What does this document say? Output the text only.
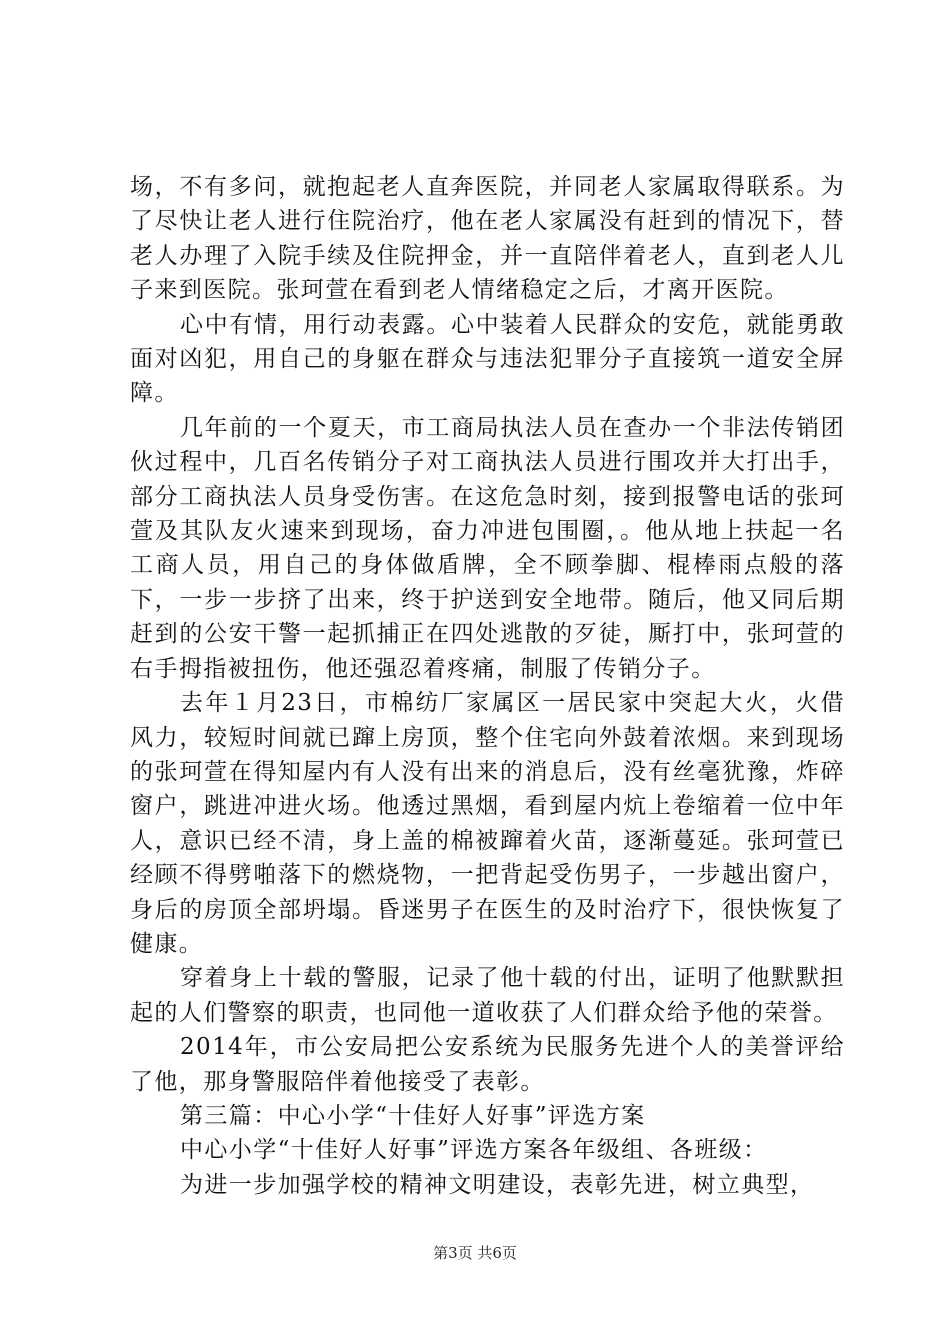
场，不有多问，就抱起老人直奔医院，并同老人家属取得联系。为了尽快让老人进行住院治疗，他在老人家属没有赶到的情况下，替老人办理了入院手续及住院押金，并一直陪伴着老人，直到老人儿子来到医院。张珂萱在看到老人情绪稳定之后，才离开医院。

心中有情，用行动表露。心中装着人民群众的安危，就能勇敢面对凶犯，用自己的身躯在群众与违法犯罪分子直接筑一道安全屏障。

几年前的一个夏天，市工商局执法人员在查办一个非法传销团伙过程中，几百名传销分子对工商执法人员进行围攻并大打出手，部分工商执法人员身受伤害。在这危急时刻，接到报警电话的张珂萱及其队友火速来到现场，奋力冲进包围圈，。他从地上扶起一名工商人员，用自己的身体做盾牌，全不顾拳脚、棍棒雨点般的落下，一步一步挤了出来，终于护送到安全地带。随后，他又同后期赶到的公安干警一起抓捕正在四处逃散的歹徒，厮打中，张珂萱的右手拇指被扭伤，他还强忍着疼痛，制服了传销分子。

去年１月23日，市棉纺厂家属区一居民家中突起大火，火借风力，较短时间就已蹿上房顶，整个住宅向外鼓着浓烟。来到现场的张珂萱在得知屋内有人没有出来的消息后，没有丝毫犹豫，炸碎窗户，跳进冲进火场。他透过黑烟，看到屋内炕上卷缩着一位中年人，意识已经不清，身上盖的棉被蹿着火苗，逐渐蔓延。张珂萱已经顾不得劈啪落下的燃烧物，一把背起受伤男子，一步越出窗户，身后的房顶全部坍塌。昏迷男子在医生的及时治疗下，很快恢复了健康。

穿着身上十载的警服，记录了他十载的付出，证明了他默默担起的人们警察的职责，也同他一道收获了人们群众给予他的荣誉。

2014年，市公安局把公安系统为民服务先进个人的美誉评给了他，那身警服陪伴着他接受了表彰。

第三篇：中心小学“十佳好人好事”评选方案

中心小学“十佳好人好事”评选方案各年级组、各班级：

为进一步加强学校的精神文明建设，表彰先进，树立典型，

第3页 共6页
